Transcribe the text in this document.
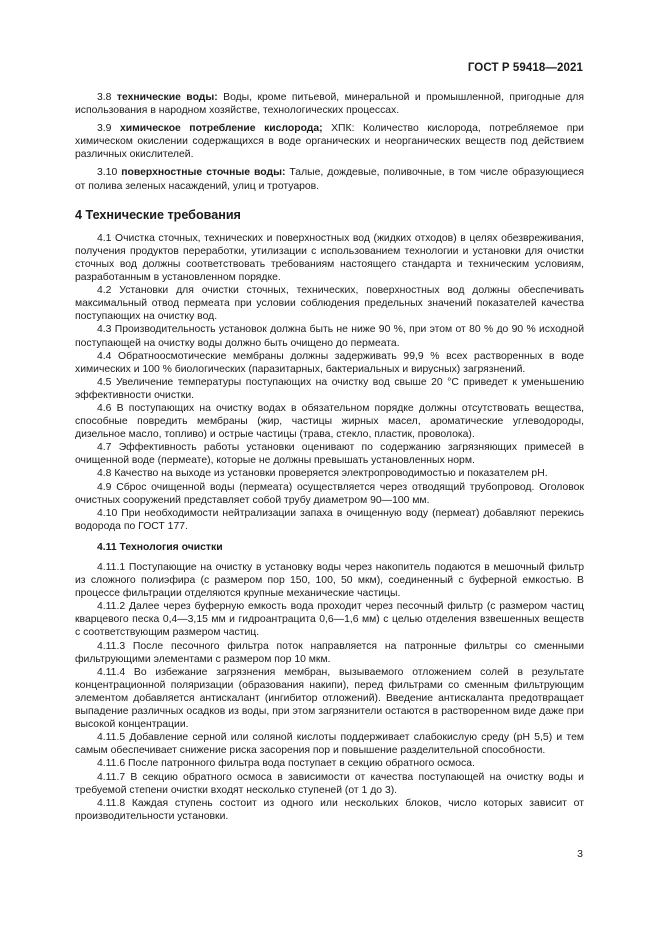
ГОСТ Р 59418—2021

3.8 технические воды: Воды, кроме питьевой, минеральной и промышленной, пригодные для использования в народном хозяйстве, технологических процессах.

3.9 химическое потребление кислорода; ХПК: Количество кислорода, потребляемое при химическом окислении содержащихся в воде органических и неорганических веществ под действием различных окислителей.

3.10 поверхностные сточные воды: Талые, дождевые, поливочные, в том числе образующиеся от полива зеленых насаждений, улиц и тротуаров.

4 Технические требования

4.1 Очистка сточных, технических и поверхностных вод (жидких отходов) в целях обезвреживания, получения продуктов переработки, утилизации с использованием технологии и установки для очистки сточных вод должны соответствовать требованиям настоящего стандарта и техническим условиям, разработанным в установленном порядке.

4.2 Установки для очистки сточных, технических, поверхностных вод должны обеспечивать максимальный отвод пермеата при условии соблюдения предельных значений показателей качества поступающих на очистку вод.

4.3 Производительность установок должна быть не ниже 90 %, при этом от 80 % до 90 % исходной поступающей на очистку воды должно быть очищено до пермеата.

4.4 Обратноосмотические мембраны должны задерживать 99,9 % всех растворенных в воде химических и 100 % биологических (паразитарных, бактериальных и вирусных) загрязнений.

4.5 Увеличение температуры поступающих на очистку вод свыше 20 °С приведет к уменьшению эффективности очистки.

4.6 В поступающих на очистку водах в обязательном порядке должны отсутствовать вещества, способные повредить мембраны (жир, частицы жирных масел, ароматические углеводороды, дизельное масло, топливо) и острые частицы (трава, стекло, пластик, проволока).

4.7 Эффективность работы установки оценивают по содержанию загрязняющих примесей в очищенной воде (пермеате), которые не должны превышать установленных норм.

4.8 Качество на выходе из установки проверяется электропроводимостью и показателем рН.

4.9 Сброс очищенной воды (пермеата) осуществляется через отводящий трубопровод. Оголовок очистных сооружений представляет собой трубу диаметром 90—100 мм.

4.10 При необходимости нейтрализации запаха в очищенную воду (пермеат) добавляют перекись водорода по ГОСТ 177.

4.11 Технология очистки

4.11.1 Поступающие на очистку в установку воды через накопитель подаются в мешочный фильтр из сложного полиэфира (с размером пор 150, 100, 50 мкм), соединенный с буферной емкостью. В процессе фильтрации отделяются крупные механические частицы.

4.11.2 Далее через буферную емкость вода проходит через песочный фильтр (с размером частиц кварцевого песка 0,4—3,15 мм и гидроантрацита 0,6—1,6 мм) с целью отделения взвешенных веществ с соответствующим размером частиц.

4.11.3 После песочного фильтра поток направляется на патронные фильтры со сменными фильтрующими элементами с размером пор 10 мкм.

4.11.4 Во избежание загрязнения мембран, вызываемого отложением солей в результате концентрационной поляризации (образования накипи), перед фильтрами со сменным фильтрующим элементом добавляется антискалант (ингибитор отложений). Введение антискаланта предотвращает выпадение различных осадков из воды, при этом загрязнители остаются в растворенном виде даже при высокой концентрации.

4.11.5 Добавление серной или соляной кислоты поддерживает слабокислую среду (рН 5,5) и тем самым обеспечивает снижение риска засорения пор и повышение разделительной способности.

4.11.6 После патронного фильтра вода поступает в секцию обратного осмоса.

4.11.7 В секцию обратного осмоса в зависимости от качества поступающей на очистку воды и требуемой степени очистки входят несколько ступеней (от 1 до 3).

4.11.8 Каждая ступень состоит из одного или нескольких блоков, число которых зависит от производительности установки.

3
